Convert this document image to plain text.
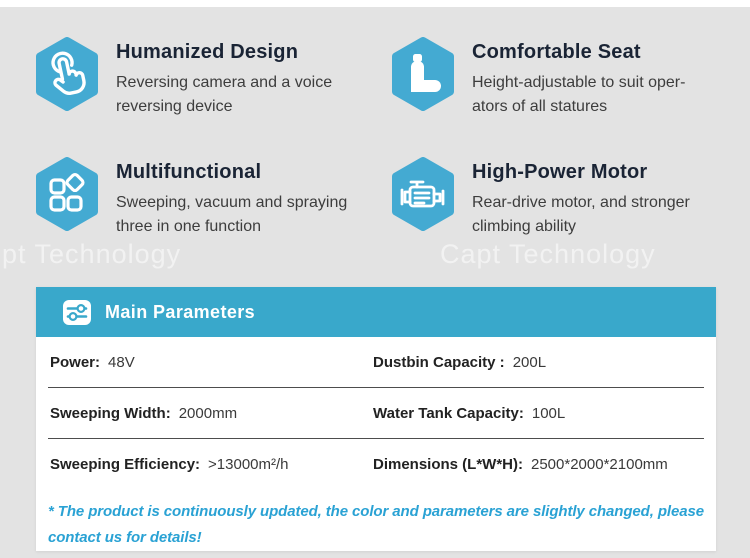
Humanized Design
Reversing camera and a voice
reversing device
Comfortable Seat
Height-adjustable to suit oper-
ators of all statures
Multifunctional
Sweeping, vacuum and spraying
three in one function
High-Power Motor
Rear-drive motor, and stronger
climbing ability
pt Technology	Capt Technology
Main Parameters
Power: 48V	Dustbin Capacity : 200L
Sweeping Width: 2000mm	Water Tank Capacity: 100L
Sweeping Efficiency: >13000m²/h	Dimensions (L*W*H): 2500*2000*2100mm
* The product is continuously updated, the color and parameters are slightly changed, please
contact us for details!
